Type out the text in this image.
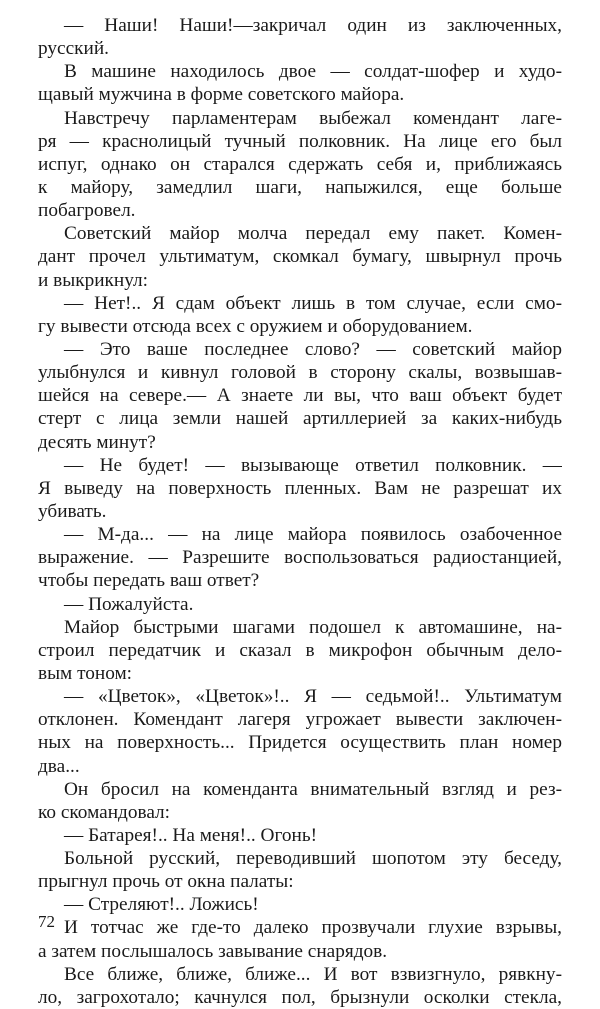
— Наши! Наши!—закричал один из заключенных,
русский.
В машине находилось двое — солдат-шофер и худо-
щавый мужчина в форме советского майора.
Навстречу парламентерам выбежал комендант лаге-
ря — краснолицый тучный полковник. На лице его был
испуг, однако он старался сдержать себя и, приближаясь
к майору, замедлил шаги, напыжился, еще больше
побагровел.
Советский майор молча передал ему пакет. Комен-
дант прочел ультиматум, скомкал бумагу, швырнул прочь
и выкрикнул:
— Нет!.. Я сдам объект лишь в том случае, если смо-
гу вывести отсюда всех с оружием и оборудованием.
— Это ваше последнее слово? — советский майор
улыбнулся и кивнул головой в сторону скалы, возвышав-
шейся на севере.— А знаете ли вы, что ваш объект будет
стерт с лица земли нашей артиллерией за каких-нибудь
десять минут?
— Не будет! — вызывающе ответил полковник. —
Я выведу на поверхность пленных. Вам не разрешат их
убивать.
— М-да... — на лице майора появилось озабоченное
выражение. — Разрешите воспользоваться радиостанцией,
чтобы передать ваш ответ?
— Пожалуйста.
Майор быстрыми шагами подошел к автомашине, на-
строил передатчик и сказал в микрофон обычным дело-
вым тоном:
— «Цветок», «Цветок»!.. Я — седьмой!.. Ультиматум
отклонен. Комендант лагеря угрожает вывести заключен-
ных на поверхность... Придется осуществить план номер
два...
Он бросил на коменданта внимательный взгляд и рез-
ко скомандовал:
— Батарея!.. На меня!.. Огонь!
Больной русский, переводивший шопотом эту беседу,
прыгнул прочь от окна палаты:
— Стреляют!.. Ложись!
И тотчас же где-то далеко прозвучали глухие взрывы,
а затем послышалось завывание снарядов.
Все ближе, ближе, ближе... И вот взвизгнуло, рявкну-
ло, загрохотало; качнулся пол, брызнули осколки стекла,
72
